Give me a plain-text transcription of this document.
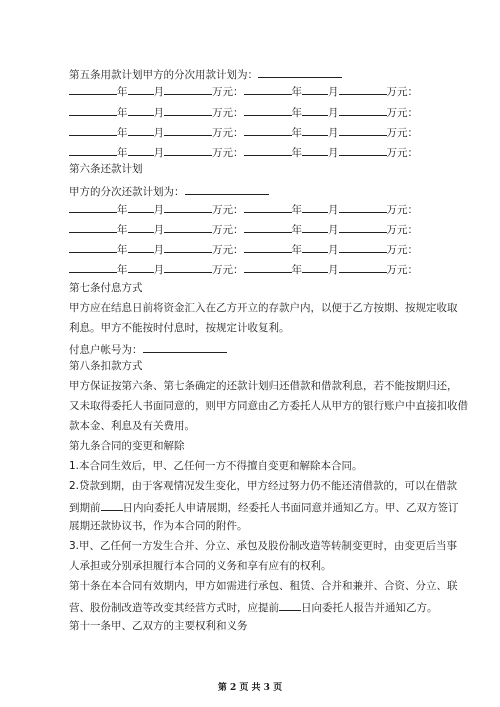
第五条用款计划甲方的分次用款计划为：
年 月	万元：	年 月	万元：
年 月	万元：	年 月	万元：
年 月	万元：	年 月	万元：
年 月	万元：	年 月	万元：
第六条还款计划
甲方的分次还款计划为：
年 月	万元：	年 月	万元：
年 月	万元：	年 月	万元：
年 月	万元：	年 月	万元：
年 月	万元：	年 月	万元：
第七条付息方式
甲方应在结息日前将资金汇入在乙方开立的存款户内，以便于乙方按期、按规定收取
利息。甲方不能按时付息时，按规定计收复利。
付息户帐号为：
第八条扣款方式
甲方保证按第六条、第七条确定的还款计划归还借款和借款利息，若不能按期归还，
又未取得委托人书面同意的，则甲方同意由乙方委托人从甲方的银行账户中直接扣收借
款本金、利息及有关费用。
第九条合同的变更和解除
1.本合同生效后，甲、乙任何一方不得擅自变更和解除本合同。
2.贷款到期，由于客观情况发生变化，甲方经过努力仍不能还清借款的，可以在借款
到期前 日内向委托人申请展期，经委托人书面同意并通知乙方。甲、乙双方签订
展期还款协议书，作为本合同的附件。
3.甲、乙任何一方发生合并、分立、承包及股份制改造等转制变更时，由变更后当事
人承担或分别承担履行本合同的义务和享有应有的权利。
第十条在本合同有效期内，甲方如需进行承包、租赁、合并和兼并、合资、分立、联
营、股份制改造等改变其经营方式时，应提前 日向委托人报告并通知乙方。
第十一条甲、乙双方的主要权利和义务
第 2 页 共 3 页
